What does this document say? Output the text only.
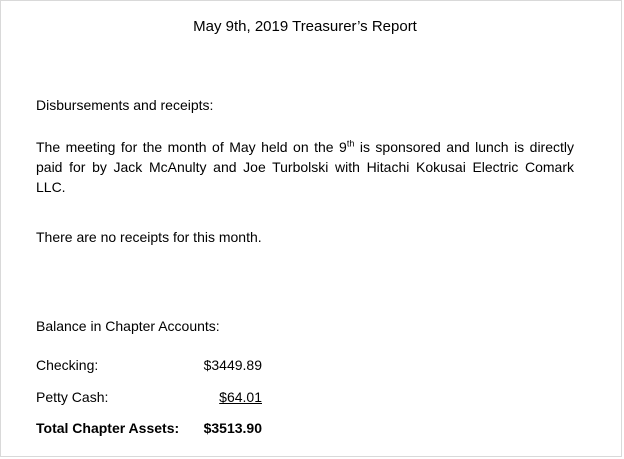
May 9th, 2019 Treasurer’s Report
Disbursements and receipts:
The meeting for the month of May held on the 9th is sponsored and lunch is directly paid for by Jack McAnulty and Joe Turbolski with Hitachi Kokusai Electric Comark LLC.
There are no receipts for this month.
Balance in Chapter Accounts:
Checking:	$3449.89
Petty Cash:	$64.01
Total Chapter Assets: $3513.90
